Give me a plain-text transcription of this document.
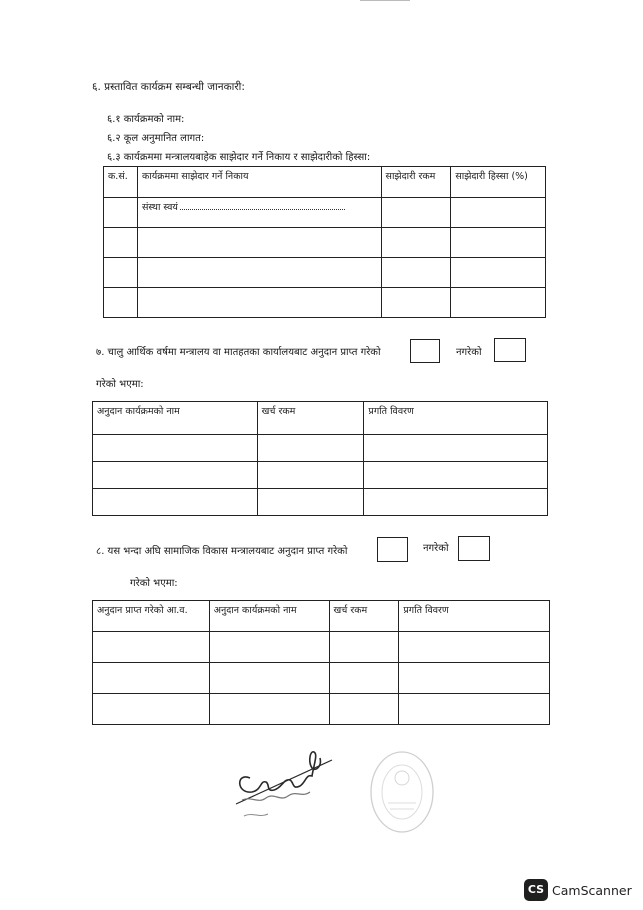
६. प्रस्तावित कार्यक्रम सम्बन्धी जानकारी:
६.१ कार्यक्रमको नाम:
६.२ कूल अनुमानित लागत:
६.३ कार्यक्रममा मन्त्रालयबाहेक साझेदार गर्ने निकाय र साझेदारीको हिस्सा:
क.सं.	कार्यक्रममा साझेदार गर्ने निकाय	साझेदारी रकम	साझेदारी हिस्सा (%)
	संस्था स्वयं		

७. चालु आर्थिक वर्षमा मन्त्रालय वा मातहतका कार्यालयबाट अनुदान प्राप्त गरेको	नगरेको
गरेको भएमा:
अनुदान कार्यक्रमको नाम	खर्च रकम	प्रगति विवरण

८. यस भन्दा अघि सामाजिक विकास मन्त्रालयबाट अनुदान प्राप्त गरेको	नगरेको
गरेको भएमा:
अनुदान प्राप्त गरेको आ.व.	अनुदान कार्यक्रमको नाम	खर्च रकम	प्रगति विवरण

CS CamScanner
